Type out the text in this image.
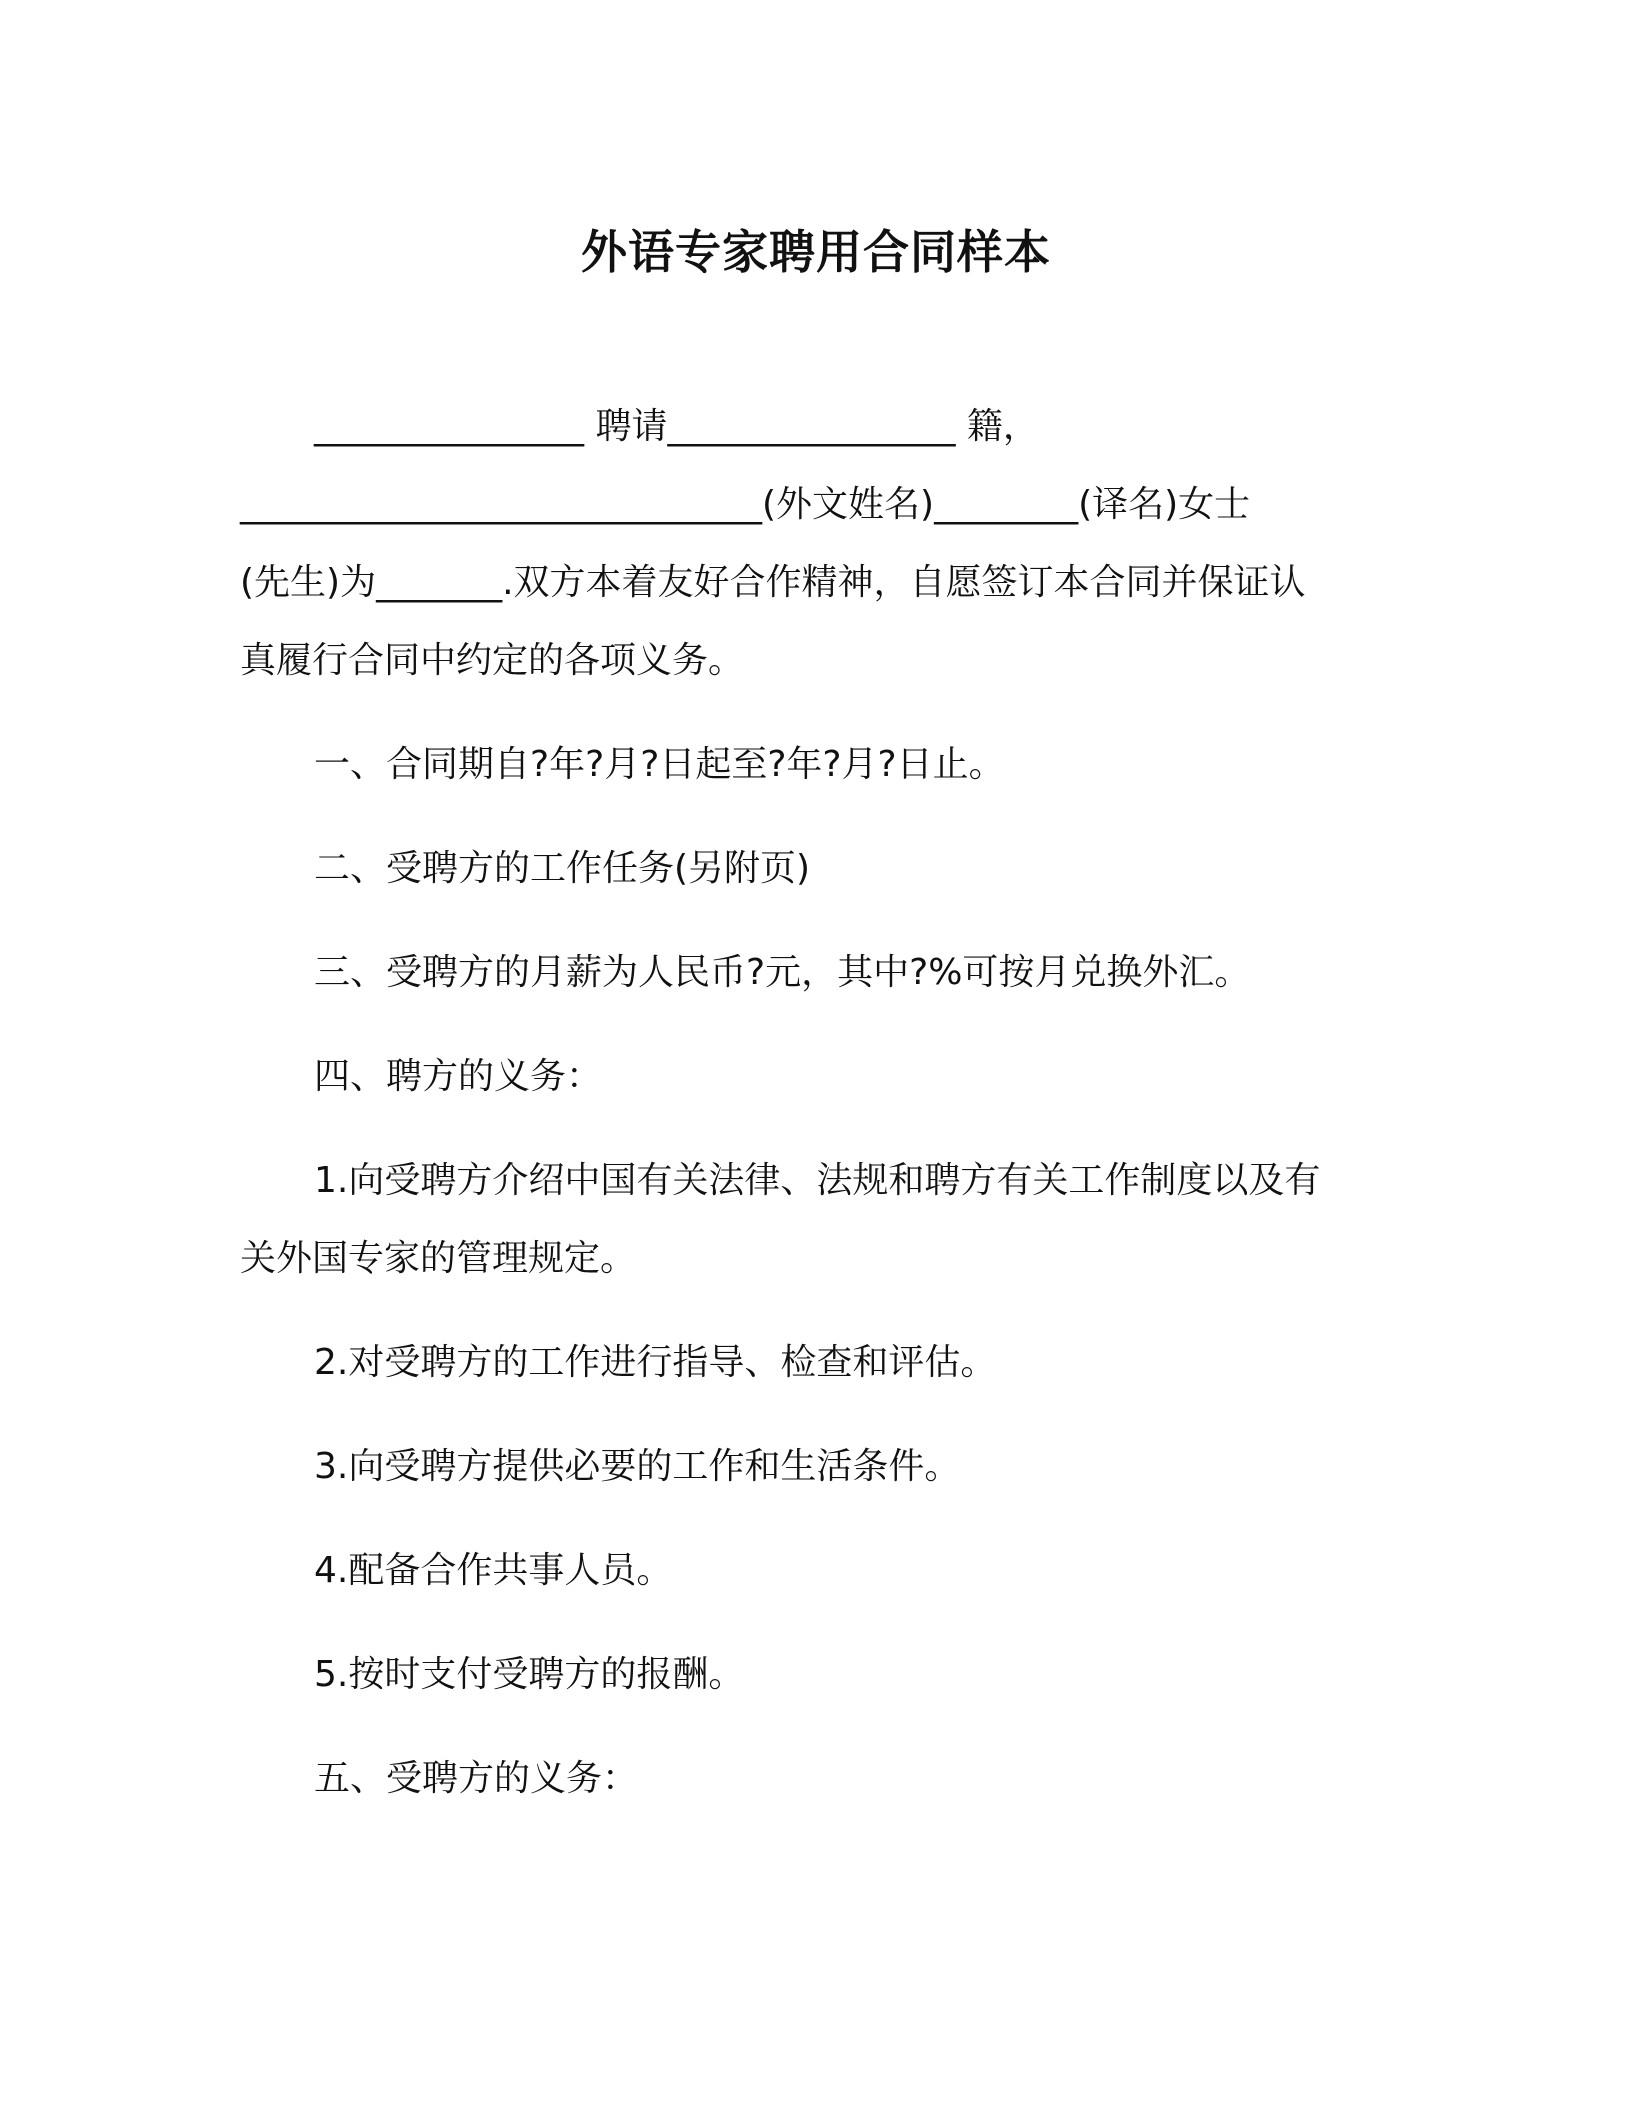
外语专家聘用合同样本
_______________ 聘请________________ 籍，
_____________________________(外文姓名)________(译名)女士
(先生)为_______.双方本着友好合作精神，自愿签订本合同并保证认
真履行合同中约定的各项义务。
一、合同期自?年?月?日起至?年?月?日止。
二、受聘方的工作任务(另附页)
三、受聘方的月薪为人民币?元，其中?%可按月兑换外汇。
四、聘方的义务：
1.向受聘方介绍中国有关法律、法规和聘方有关工作制度以及有
关外国专家的管理规定。
2.对受聘方的工作进行指导、检查和评估。
3.向受聘方提供必要的工作和生活条件。
4.配备合作共事人员。
5.按时支付受聘方的报酬。
五、受聘方的义务：
